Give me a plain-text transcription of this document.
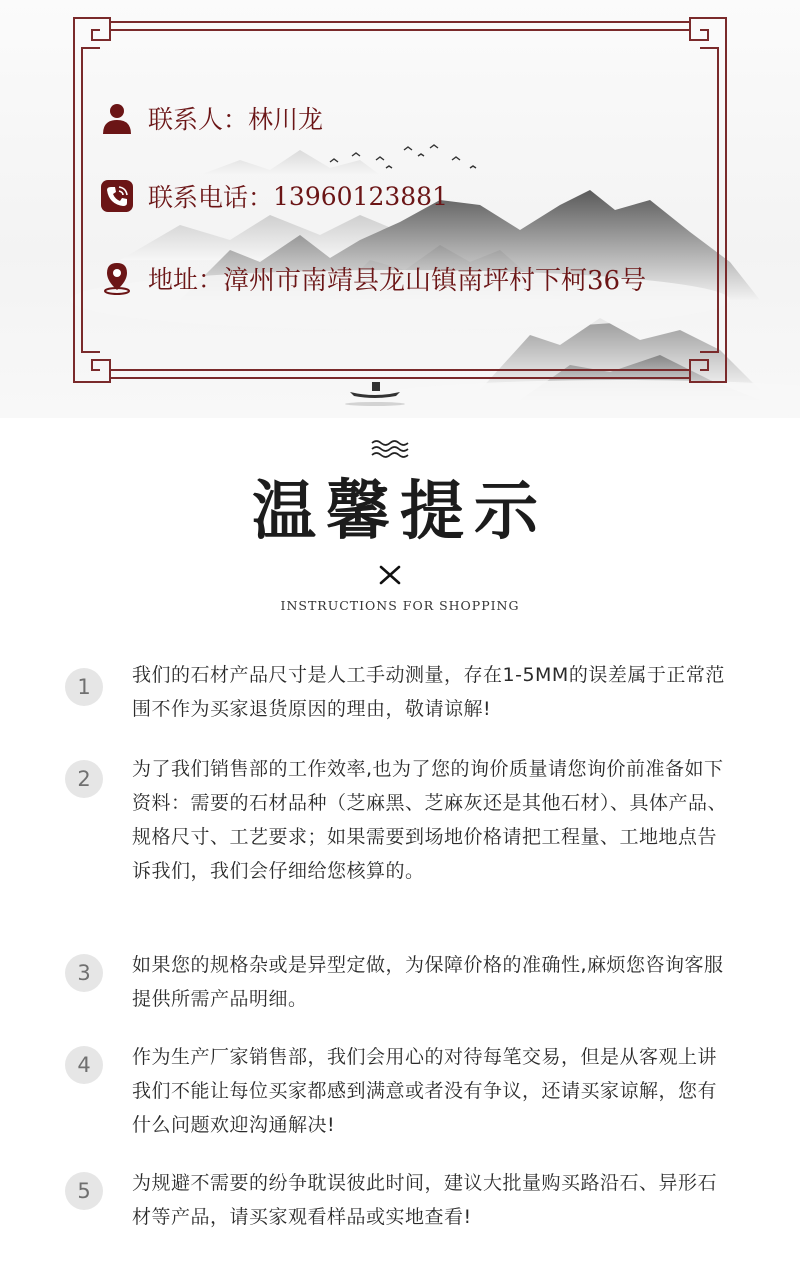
联系人： 林川龙
联系电话： 13960123881
地址： 漳州市南靖县龙山镇南坪村下柯36号
温馨提示
INSTRUCTIONS FOR SHOPPING
1	我们的石材产品尺寸是人工手动测量，存在1-5MM的误差属于正常范围不作为买家退货原因的理由，敬请谅解!
2	为了我们销售部的工作效率,也为了您的询价质量请您询价前准备如下资料：需要的石材品种（芝麻黑、芝麻灰还是其他石材）、具体产品、规格尺寸、工艺要求；如果需要到场地价格请把工程量、工地地点告诉我们，我们会仔细给您核算的。
3	如果您的规格杂或是异型定做，为保障价格的准确性,麻烦您咨询客服提供所需产品明细。
4	作为生产厂家销售部，我们会用心的对待每笔交易，但是从客观上讲我们不能让每位买家都感到满意或者没有争议，还请买家谅解，您有什么问题欢迎沟通解决!
5	为规避不需要的纷争耽误彼此时间，建议大批量购买路沿石、异形石材等产品，请买家观看样品或实地查看!
